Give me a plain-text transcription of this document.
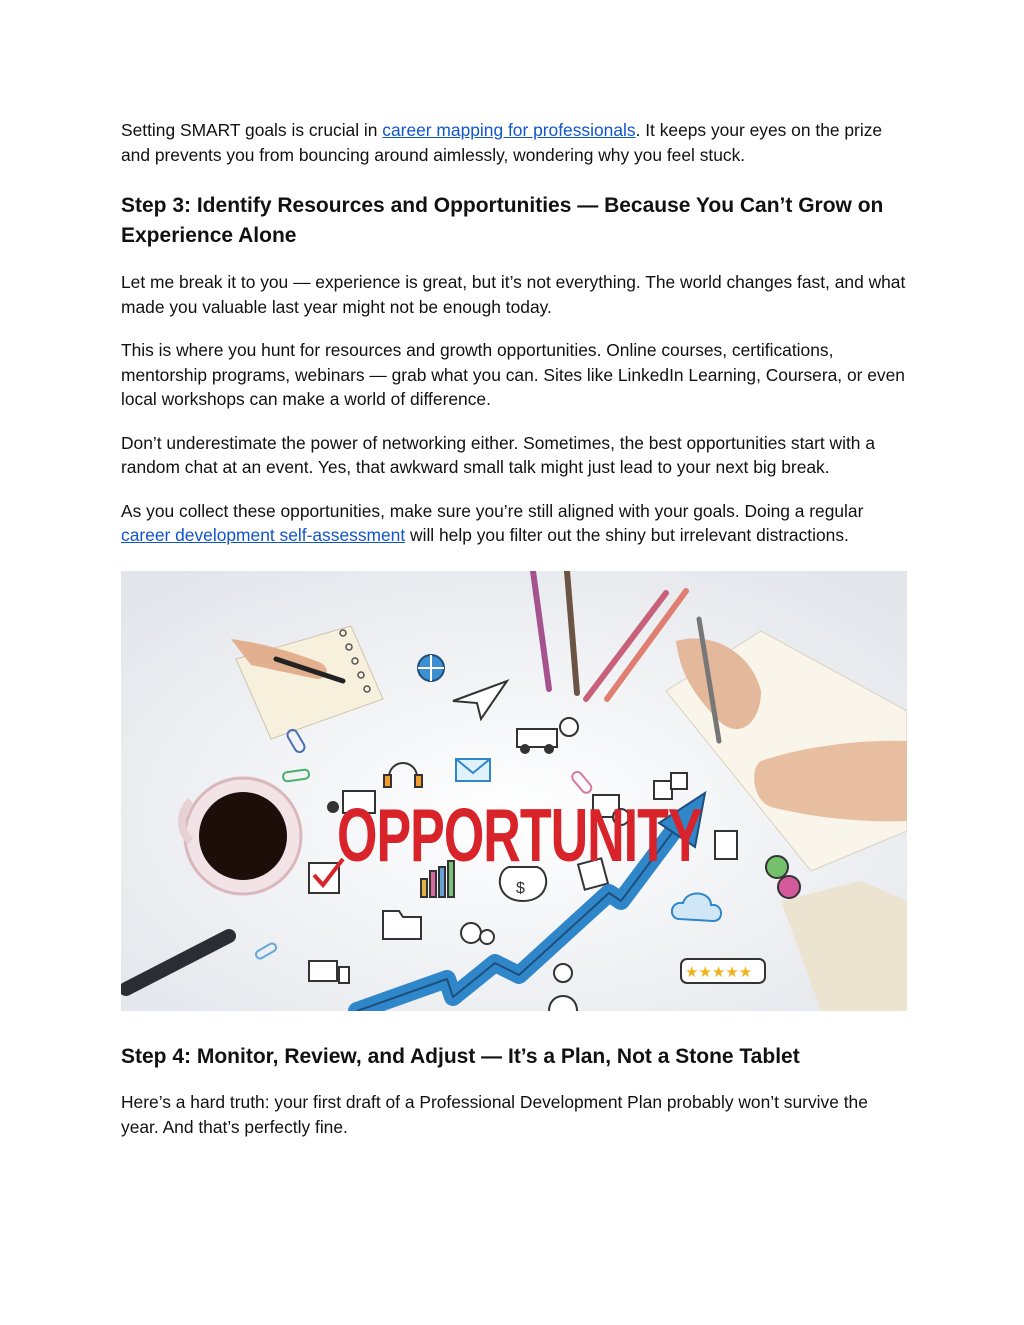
Setting SMART goals is crucial in career mapping for professionals. It keeps your eyes on the prize and prevents you from bouncing around aimlessly, wondering why you feel stuck.

Step 3: Identify Resources and Opportunities — Because You Can’t Grow on Experience Alone

Let me break it to you — experience is great, but it’s not everything. The world changes fast, and what made you valuable last year might not be enough today.

This is where you hunt for resources and growth opportunities. Online courses, certifications, mentorship programs, webinars — grab what you can. Sites like LinkedIn Learning, Coursera, or even local workshops can make a world of difference.

Don’t underestimate the power of networking either. Sometimes, the best opportunities start with a random chat at an event. Yes, that awkward small talk might just lead to your next big break.

As you collect these opportunities, make sure you’re still aligned with your goals. Doing a regular career development self-assessment will help you filter out the shiny but irrelevant distractions.

$
★★★★★
OPPORTUNITY
Step 4: Monitor, Review, and Adjust — It’s a Plan, Not a Stone Tablet

Here’s a hard truth: your first draft of a Professional Development Plan probably won’t survive the year. And that’s perfectly fine.
